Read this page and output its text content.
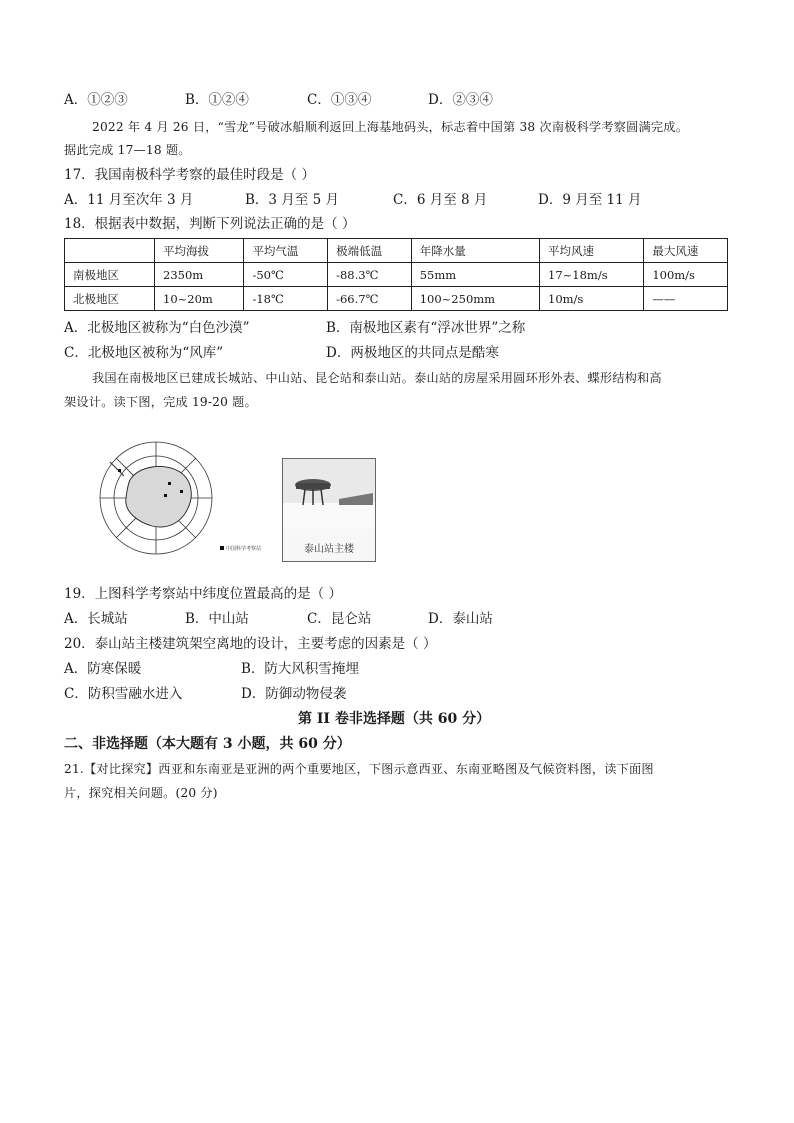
A．①②③	B．①②④	C．①③④	D．②③④
2022 年 4 月 26 日，“雪龙”号破冰船顺利返回上海基地码头，标志着中国第 38 次南极科学考察圆满完成。
据此完成 17—18 题。
17．我国南极科学考察的最佳时段是（ ）
A．11 月至次年 3 月	B．3 月至 5 月	C．6 月至 8 月	D．9 月至 11 月
18．根据表中数据，判断下列说法正确的是（ ）
	平均海拔	平均气温	极端低温	年降水量	平均风速	最大风速
南极地区	2350m	-50℃	-88.3℃	55mm	17~18m/s	100m/s
北极地区	10~20m	-18℃	-66.7℃	100~250mm	10m/s	——
A．北极地区被称为“白色沙漠”	B．南极地区素有“浮冰世界”之称
C．北极地区被称为“风库”	D．两极地区的共同点是酷寒
我国在南极地区已建成长城站、中山站、昆仑站和泰山站。泰山站的房屋采用圆环形外表、蝶形结构和高
架设计。读下图，完成 19-20 题。
中国科学考察站	泰山站主楼
19．上图科学考察站中纬度位置最高的是（ ）
A．长城站	B．中山站	C．昆仑站	D．泰山站
20．泰山站主楼建筑架空离地的设计，主要考虑的因素是（ ）
A．防寒保暖	B．防大风积雪掩埋
C．防积雪融水进入	D．防御动物侵袭
第 II 卷非选择题（共 60 分）
二、非选择题（本大题有 3 小题，共 60 分）
21.【对比探究】西亚和东南亚是亚洲的两个重要地区，下图示意西亚、东南亚略图及气候资料图，读下面图
片，探究相关问题。(20 分)
